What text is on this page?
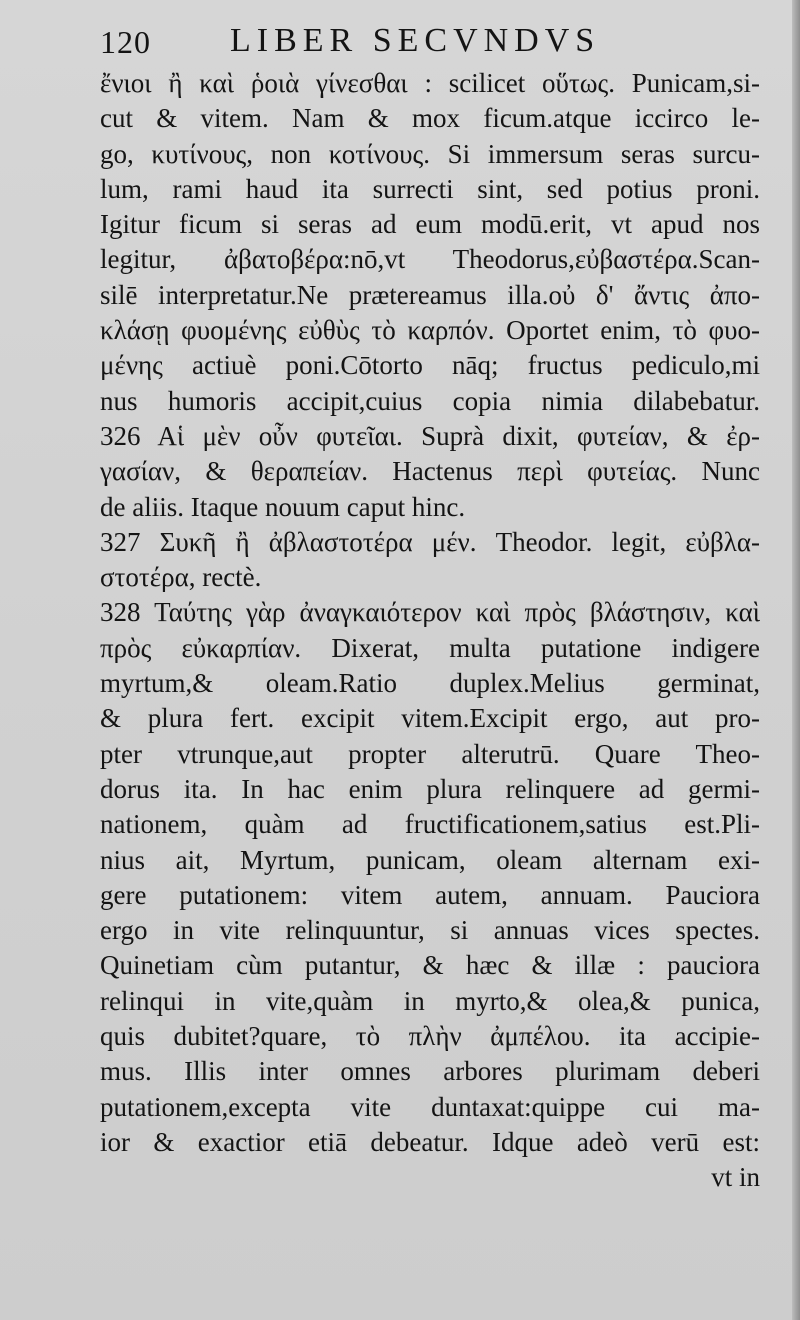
120 LIBER SECVNDVS
ἔνιοι ἢ καὶ ῥοιὰ γίνεσθαι : scilicet οὕτως. Punicam,si-
cut & vitem. Nam & mox ficum.atque iccirco le-
go, κυτίνους, non κοτίνους. Si immersum seras surcu-
lum, rami haud ita surrecti sint, sed potius proni.
Igitur ficum si seras ad eum modū.erit, vt apud nos
legitur, ἀβατοβέρα:nō,vt Theodorus,εὐβαστέρα.Scan-
silē interpretatur.Ne prætereamus illa.οὐ δ' ἄντις ἀπο-
κλάσῃ φυομένης εὐθὺς τὸ καρπόν. Oportet enim, τὸ φυο-
μένης actiuè poni.Cōtorto nāq; fructus pediculo,mi
nus humoris accipit,cuius copia nimia dilabebatur.
326 Αἱ μὲν οὖν φυτεῖαι. Suprà dixit, φυτείαν, & ἐρ-
γασίαν, & θεραπείαν. Hactenus περὶ φυτείας. Nunc
de aliis. Itaque nouum caput hinc.
327 Συκῆ ἢ ἀβλαστοτέρα μέν. Theodor. legit, εὐβλα-
στοτέρα, rectè.
328 Ταύτης γὰρ ἀναγκαιότερον καὶ πρὸς βλάστησιν, καὶ
πρὸς εὐκαρπίαν. Dixerat, multa putatione indigere
myrtum,& oleam.Ratio duplex.Melius germinat,
& plura fert. excipit vitem.Excipit ergo, aut pro-
pter vtrunque,aut propter alterutrū. Quare Theo-
dorus ita. In hac enim plura relinquere ad germi-
nationem, quàm ad fructificationem,satius est.Pli-
nius ait, Myrtum, punicam, oleam alternam exi-
gere putationem: vitem autem, annuam. Pauciora
ergo in vite relinquuntur, si annuas vices spectes.
Quinetiam cùm putantur, & hæc & illæ : pauciora
relinqui in vite,quàm in myrto,& olea,& punica,
quis dubitet?quare, τὸ πλὴν ἀμπέλου. ita accipie-
mus. Illis inter omnes arbores plurimam deberi
putationem,excepta vite duntaxat:quippe cui ma-
ior & exactior etiā debeatur. Idque adeò verū est:
vt in
